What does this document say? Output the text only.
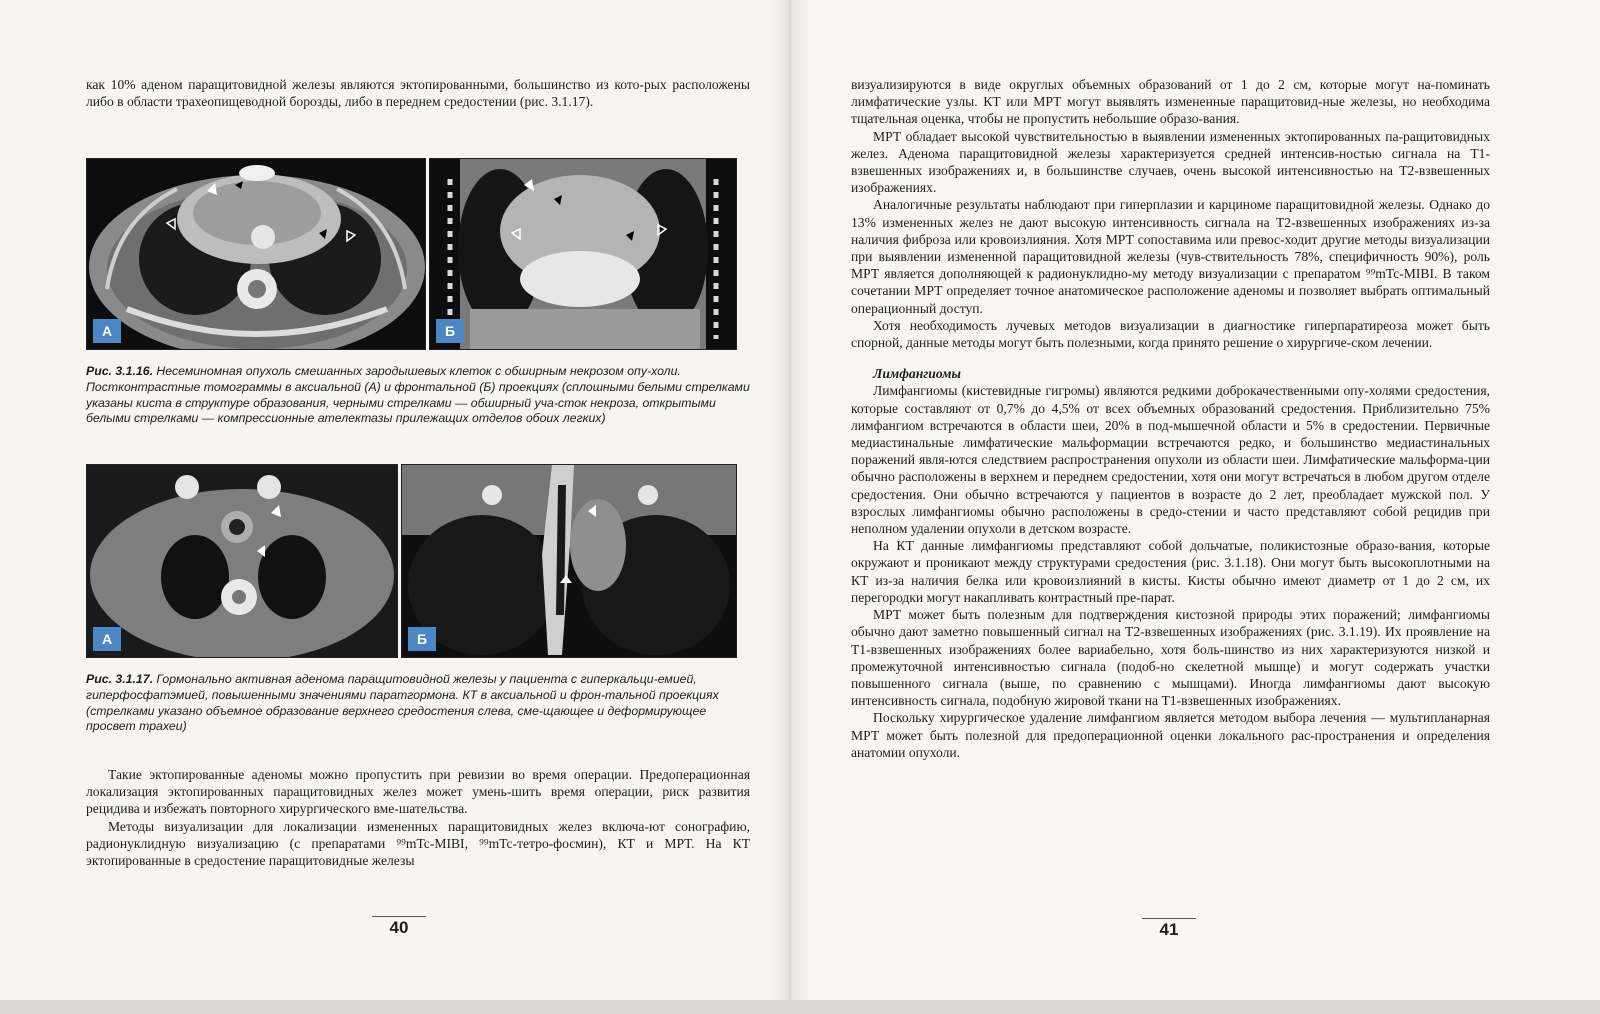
как 10% аденом паращитовидной железы являются эктопированными, большинство из кото-рых расположены либо в области трахеопищеводной борозды, либо в переднем средостении (рис. 3.1.17).

А	Б

Рис. 3.1.16. Несеминомная опухоль смешанных зародышевых клеток с обширным некрозом опу-холи. Постконтрастные томограммы в аксиальной (А) и фронтальной (Б) проекциях (сплошными белыми стрелками указаны киста в структуре образования, черными стрелками — обширный уча-сток некроза, открытыми белыми стрелками — компрессионные ателектазы прилежащих отделов обоих легких)

А	Б

Рис. 3.1.17. Гормонально активная аденома паращитовидной железы у пациента с гиперкальци-емией, гиперфосфатэмией, повышенными значениями паратгормона. КТ в аксиальной и фрон-тальной проекциях (стрелками указано объемное образование верхнего средостения слева, сме-щающее и деформирующее просвет трахеи)

Такие эктопированные аденомы можно пропустить при ревизии во время операции. Предоперационная локализация эктопированных паращитовидных желез может умень-шить время операции, риск развития рецидива и избежать повторного хирургического вме-шательства.

Методы визуализации для локализации измененных паращитовидных желез включа-ют сонографию, радионуклидную визуализацию (с препаратами ⁹⁹mTc-MIBI, ⁹⁹mTc-тетро-фосмин), КТ и МРТ. На КТ эктопированные в средостение паращитовидные железы

40

визуализируются в виде округлых объемных образований от 1 до 2 см, которые могут на-поминать лимфатические узлы. КТ или МРТ могут выявлять измененные паращитовид-ные железы, но необходима тщательная оценка, чтобы не пропустить небольшие образо-вания.

МРТ обладает высокой чувствительностью в выявлении измененных эктопированных па-ращитовидных желез. Аденома паращитовидной железы характеризуется средней интенсив-ностью сигнала на Т1-взвешенных изображениях и, в большинстве случаев, очень высокой интенсивностью на Т2-взвешенных изображениях.

Аналогичные результаты наблюдают при гиперплазии и карциноме паращитовидной железы. Однако до 13% измененных желез не дают высокую интенсивность сигнала на Т2-взвешенных изображениях из-за наличия фиброза или кровоизлияния. Хотя МРТ сопоставима или превос-ходит другие методы визуализации при выявлении измененной паращитовидной железы (чув-ствительность 78%, специфичность 90%), роль МРТ является дополняющей к радионуклидно-му методу визуализации с препаратом ⁹⁹mTc-MIBI. В таком сочетании МРТ определяет точное анатомическое расположение аденомы и позволяет выбрать оптимальный операционный доступ.

Хотя необходимость лучевых методов визуализации в диагностике гиперпаратиреоза может быть спорной, данные методы могут быть полезными, когда принято решение о хирургиче-ском лечении.

Лимфангиомы

Лимфангиомы (кистевидные гигромы) являются редкими доброкачественными опу-холями средостения, которые составляют от 0,7% до 4,5% от всех объемных образований средостения. Приблизительно 75% лимфангиом встречаются в области шеи, 20% в под-мышечной области и 5% в средостении. Первичные медиастинальные лимфатические мальформации встречаются редко, и большинство медиастинальных поражений явля-ются следствием распространения опухоли из области шеи. Лимфатические мальформа-ции обычно расположены в верхнем и переднем средостении, хотя они могут встречаться в любом другом отделе средостения. Они обычно встречаются у пациентов в возрасте до 2 лет, преобладает мужской пол. У взрослых лимфангиомы обычно расположены в средо-стении и часто представляют собой рецидив при неполном удалении опухоли в детском возрасте.

На КТ данные лимфангиомы представляют собой дольчатые, поликистозные образо-вания, которые окружают и проникают между структурами средостения (рис. 3.1.18). Они могут быть высокоплотными на КТ из-за наличия белка или кровоизлияний в кисты. Кисты обычно имеют диаметр от 1 до 2 см, их перегородки могут накапливать контрастный пре-парат.

МРТ может быть полезным для подтверждения кистозной природы этих поражений; лимфангиомы обычно дают заметно повышенный сигнал на Т2-взвешенных изображениях (рис. 3.1.19). Их проявление на Т1-взвешенных изображениях более вариабельно, хотя боль-шинство из них характеризуются низкой и промежуточной интенсивностью сигнала (подоб-но скелетной мышце) и могут содержать участки повышенного сигнала (выше, по сравнению с мышцами). Иногда лимфангиомы дают высокую интенсивность сигнала, подобную жировой ткани на Т1-взвешенных изображениях.

Поскольку хирургическое удаление лимфангиом является методом выбора лечения — мультипланарная МРТ может быть полезной для предоперационной оценки локального рас-пространения и определения анатомии опухоли.

41
